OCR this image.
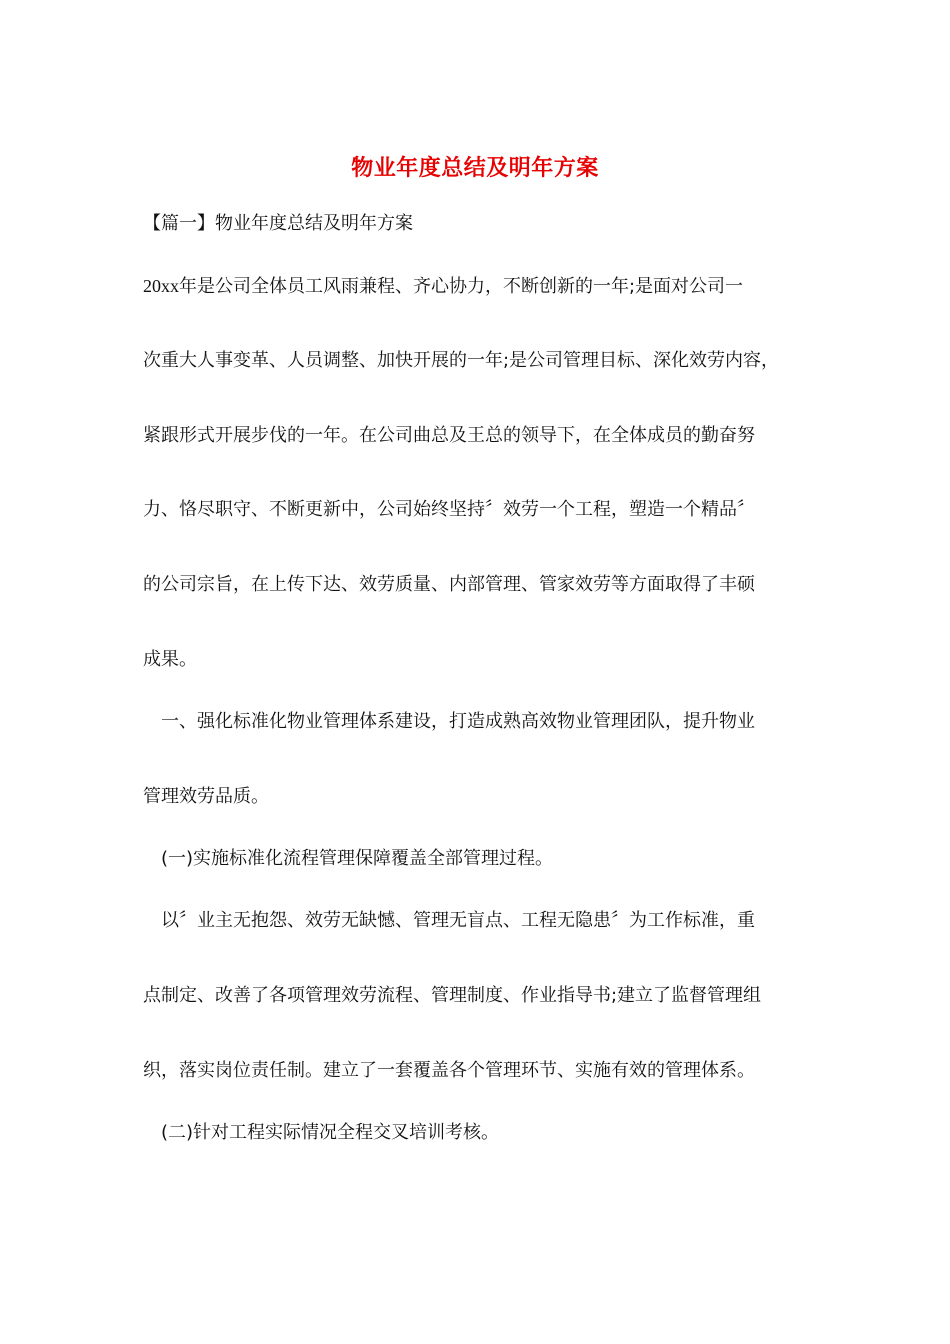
物业年度总结及明年方案

【篇一】物业年度总结及明年方案

20xx年是公司全体员工风雨兼程、齐心协力，不断创新的一年;是面对公司一

次重大人事变革、人员调整、加快开展的一年;是公司管理目标、深化效劳内容，

紧跟形式开展步伐的一年。在公司曲总及王总的领导下，在全体成员的勤奋努

力、恪尽职守、不断更新中，公司始终坚持〞效劳一个工程，塑造一个精品〞

的公司宗旨，在上传下达、效劳质量、内部管理、管家效劳等方面取得了丰硕

成果。

一、强化标准化物业管理体系建设，打造成熟高效物业管理团队，提升物业

管理效劳品质。

(一)实施标准化流程管理保障覆盖全部管理过程。

以〞业主无抱怨、效劳无缺憾、管理无盲点、工程无隐患〞为工作标准，重

点制定、改善了各项管理效劳流程、管理制度、作业指导书;建立了监督管理组

织，落实岗位责任制。建立了一套覆盖各个管理环节、实施有效的管理体系。

(二)针对工程实际情况全程交叉培训考核。
